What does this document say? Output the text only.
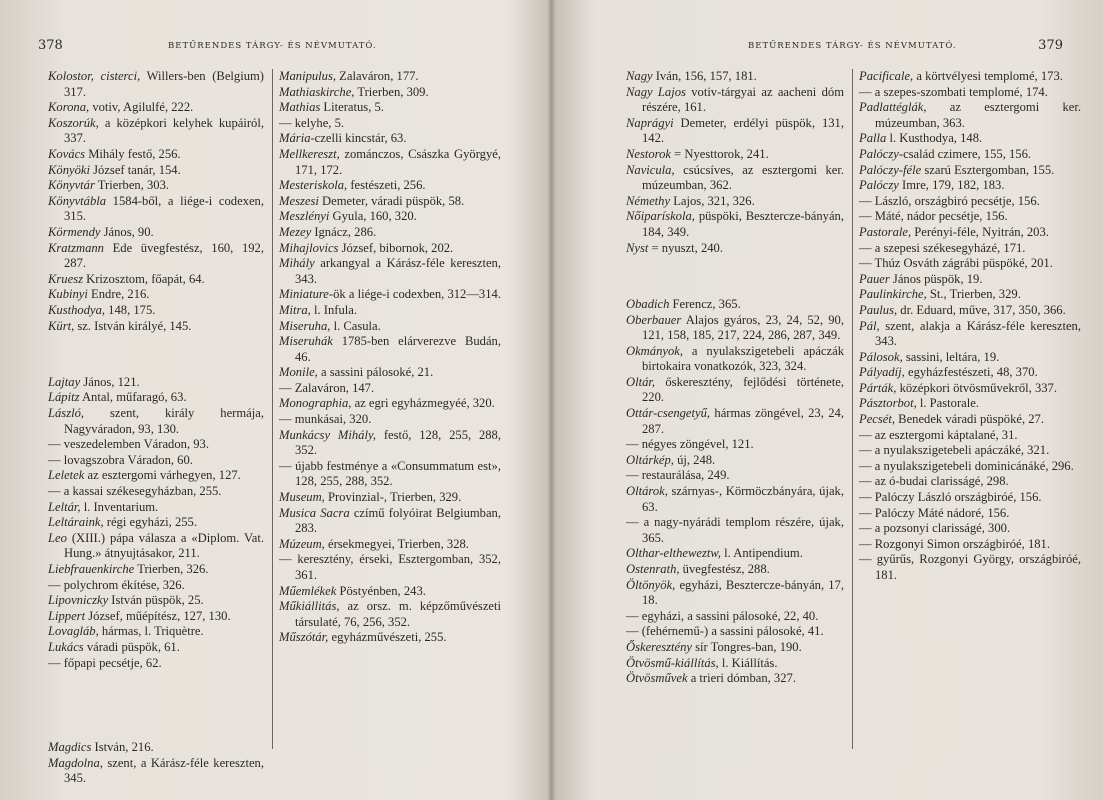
378	BETŰRENDES TÁRGY- ÉS NÉVMUTATÓ.

Kolostor, cisterci, Willers-ben (Belgium) 317.

Korona, votiv, Agilulfé, 222.

Koszorúk, a középkori kelyhek kupáiról, 337.

Kovács Mihály festő, 256.

Könyöki József tanár, 154.

Könyvtár Trierben, 303.

Könyvtábla 1584-ből, a liége-i codexen, 315.

Körmendy János, 90.

Kratzmann Ede üvegfestész, 160, 192, 287.

Kruesz Krizosztom, főapát, 64.

Kubinyi Endre, 216.

Kusthodya, 148, 175.

Kürt, sz. István királyé, 145.

Lajtay János, 121.

Lápitz Antal, műfaragó, 63.

László, szent, király hermája, Nagyváradon, 93, 130.

— veszedelemben Váradon, 93.

— lovagszobra Váradon, 60.

Leletek az esztergomi várhegyen, 127.

— a kassai székesegyházban, 255.

Leltár, l. Inventarium.

Leltáraink, régi egyházi, 255.

Leo (XIII.) pápa válasza a «Diplom. Vat. Hung.» átnyujtásakor, 211.

Liebfrauenkirche Trierben, 326.

— polychrom ékítése, 326.

Lipovniczky István püspök, 25.

Lippert József, műépítész, 127, 130.

Lovagláb, hármas, l. Triquètre.

Lukács váradi püspök, 61.

— főpapi pecsétje, 62.

Magdics István, 216.

Magdolna, szent, a Kárász-féle kereszten, 345.

Manipulus, Zalaváron, 177.

Mathiaskirche, Trierben, 309.

Mathias Literatus, 5.

— kelyhe, 5.

Mária-czelli kincstár, 63.

Mellkereszt, zománczos, Császka Györgyé, 171, 172.

Mesteriskola, festészeti, 256.

Meszesi Demeter, váradi püspök, 58.

Meszlényi Gyula, 160, 320.

Mezey Ignácz, 286.

Mihajlovics József, bibornok, 202.

Mihály arkangyal a Kárász-féle kereszten, 343.

Miniature-ök a liége-i codexben, 312—314.

Mitra, l. Infula.

Miseruha, l. Casula.

Miseruhák 1785-ben elárverezve Budán, 46.

Monile, a sassini pálosoké, 21.

— Zalaváron, 147.

Monographia, az egri egyházmegyéé, 320.

— munkásai, 320.

Munkácsy Mihály, festő, 128, 255, 288, 352.

— újabb festménye a «Consummatum est», 128, 255, 288, 352.

Museum, Provinzial-, Trierben, 329.

Musica Sacra czímű folyóirat Belgiumban, 283.

Múzeum, érsekmegyei, Trierben, 328.

— keresztény, érseki, Esztergomban, 352, 361.

Műemlékek Pöstyénben, 243.

Műkiállitás, az orsz. m. képzőművészeti társulaté, 76, 256, 352.

Műszótár, egyházművészeti, 255.

379
BETŰRENDES TÁRGY- ÉS NÉVMUTATÓ.

Nagy Iván, 156, 157, 181.

Nagy Lajos votiv-tárgyai az aacheni dóm részére, 161.

Naprágyi Demeter, erdélyi püspök, 131, 142.

Nestorok = Nyesttorok, 241.

Navicula, csúcsíves, az esztergomi ker. múzeumban, 362.

Némethy Lajos, 321, 326.

Nőiparískola, püspöki, Besztercze-bányán, 184, 349.

Nyst = nyuszt, 240.

Obadich Ferencz, 365.

Oberbauer Alajos gyáros, 23, 24, 52, 90, 121, 158, 185, 217, 224, 286, 287, 349.

Okmányok, a nyulakszigetebeli apáczák birtokaira vonatkozók, 323, 324.

Oltár, őskeresztény, fejlődési története, 220.

Ottár-csengetyű, hármas zöngével, 23, 24, 287.

— négyes zöngével, 121.

Oltárkép, új, 248.

— restaurálása, 249.

Oltárok, szárnyas-, Körmöczbányára, újak, 63.

— a nagy-nyárádi templom részére, újak, 365.

Olthar-eltheweztw, l. Antipendium.

Ostenrath, üvegfestész, 288.

Öltönyök, egyházi, Besztercze-bányán, 17, 18.

— egyházi, a sassini pálosoké, 22, 40.

— (fehérnemű-) a sassini pálosoké, 41.

Őskeresztény sír Tongres-ban, 190.

Ötvösmű-kiállítás, l. Kiállítás.

Ötvösművek a trieri dómban, 327.

Pacificale, a körtvélyesi templomé, 173.

— a szepes-szombati templomé, 174.

Padlattéglák, az esztergomi ker. múzeumban, 363.

Palla l. Kusthodya, 148.

Palóczy-család czimere, 155, 156.

Palóczy-féle szarú Esztergomban, 155.

Palóczy Imre, 179, 182, 183.

— László, országbiró pecsétje, 156.

— Máté, nádor pecsétje, 156.

Pastorale, Perényi-féle, Nyitrán, 203.

— a szepesi székesegyházé, 171.

— Thúz Osváth zágrábi püspöké, 201.

Pauer János püspök, 19.

Paulinkirche, St., Trierben, 329.

Paulus, dr. Eduard, műve, 317, 350, 366.

Pál, szent, alakja a Kárász-féle kereszten, 343.

Pálosok, sassini, leltára, 19.

Pályadíj, egyházfestészeti, 48, 370.

Párták, középkori ötvösművekről, 337.

Pásztorbot, l. Pastorale.

Pecsét, Benedek váradi püspöké, 27.

— az esztergomi káptalané, 31.

— a nyulakszigetebeli apáczáké, 321.

— a nyulakszigetebeli dominicánáké, 296.

— az ó-budai clarisságé, 298.

— Palóczy László országbiróé, 156.

— Palóczy Máté nádoré, 156.

— a pozsonyi clarisságé, 300.

— Rozgonyi Simon országbiróé, 181.

— gyűrűs, Rozgonyi György, országbiróé, 181.
